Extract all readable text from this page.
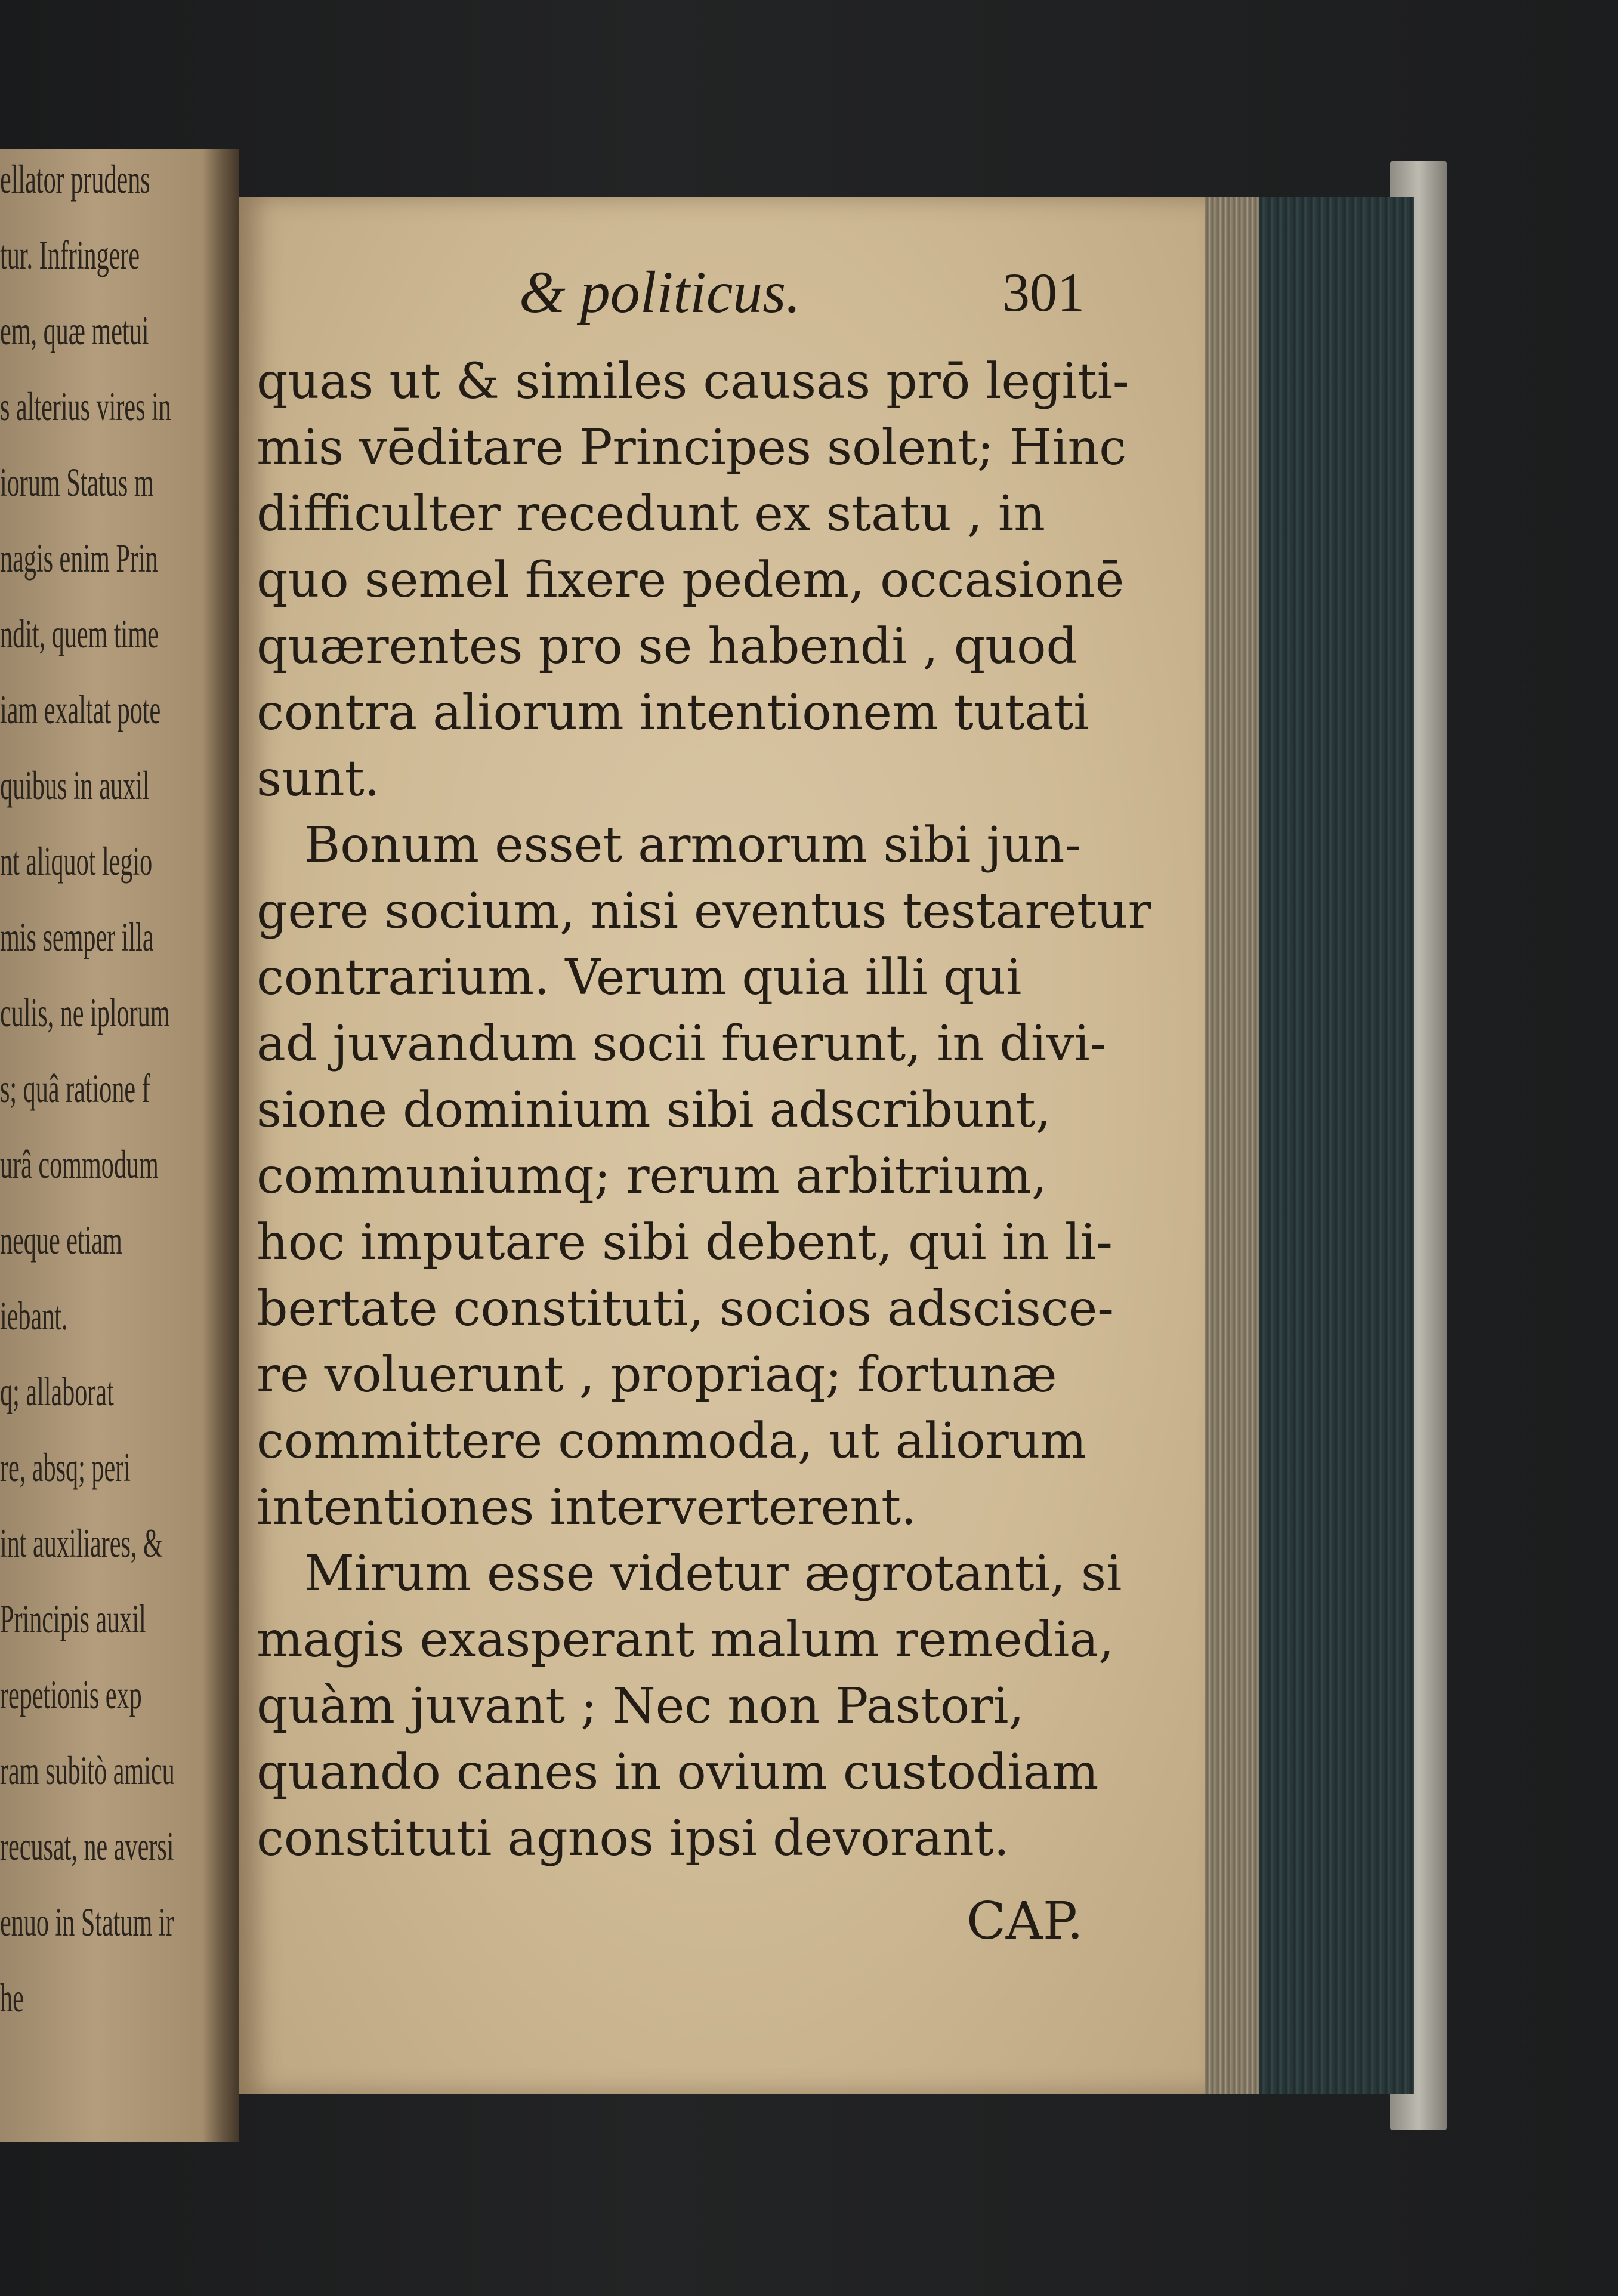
ellator prudens
tur. Infringere
em, quæ metui
s alterius vires in
iorum Status m
nagis enim Prin
ndit, quem time
iam exaltat pote
quibus in auxil
nt aliquot legio
mis semper illa
culis, ne iplorum
s; quâ ratione f
urâ commodum
neque etiam
iebant.
q; allaborat
re, absq; peri
int auxiliares, &
Principis auxil
repetionis exp
ram subitò amicu
recusat, ne aversi
enuo in Statum ir
he
& politicus.	301
quas ut & similes causas prō legiti-
mis vēditare Principes solent; Hinc
difficulter recedunt ex statu , in
quo semel fixere pedem, occasionē
quærentes pro se habendi , quod
contra aliorum intentionem tutati
sunt.
Bonum esset armorum sibi jun-
gere socium, nisi eventus testaretur
contrarium. Verum quia illi qui
ad juvandum socii fuerunt, in divi-
sione dominium sibi adscribunt,
communiumq; rerum arbitrium,
hoc imputare sibi debent, qui in li-
bertate constituti, socios adscisce-
re voluerunt , propriaq; fortunæ
committere commoda, ut aliorum
intentiones interverterent.
Mirum esse videtur ægrotanti, si
magis exasperant malum remedia,
quàm juvant ; Nec non Pastori,
quando canes in ovium custodiam
constituti agnos ipsi devorant.
CAP.
